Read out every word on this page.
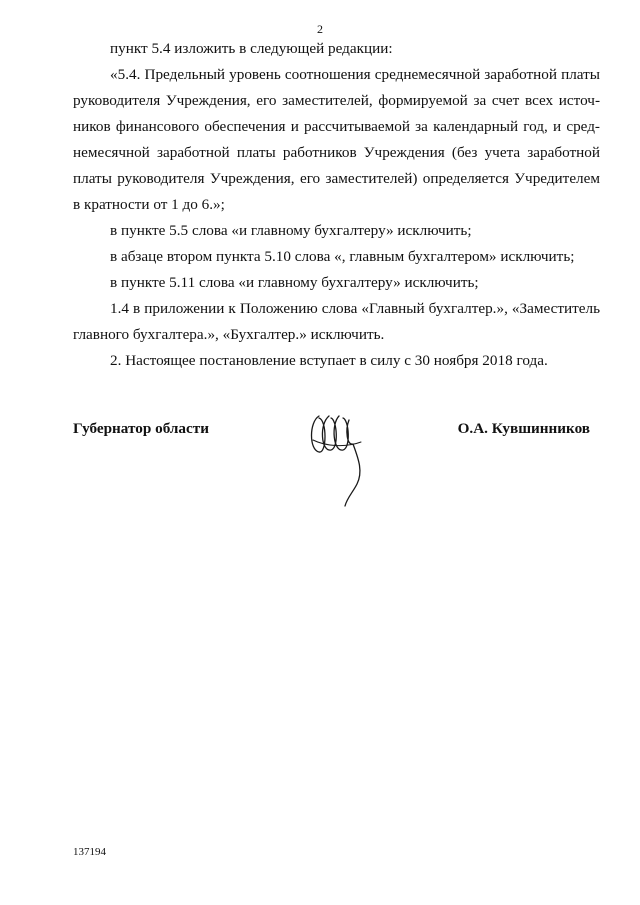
2

пункт 5.4 изложить в следующей редакции:

«5.4. Предельный уровень соотношения среднемесячной заработной платы
руководителя Учреждения, его заместителей, формируемой за счет всех источ-
ников финансового обеспечения и рассчитываемой за календарный год, и сред-
немесячной заработной платы работников Учреждения (без учета заработной
платы руководителя Учреждения, его заместителей) определяется Учредителем
в кратности от 1 до 6.»;

в пункте 5.5 слова «и главному бухгалтеру» исключить;

в абзаце втором пункта 5.10 слова «, главным бухгалтером» исключить;

в пункте 5.11 слова «и главному бухгалтеру» исключить;

1.4 в приложении к Положению слова «Главный бухгалтер.», «Заместитель
главного бухгалтера.», «Бухгалтер.» исключить.

2. Настоящее постановление вступает в силу с 30 ноября 2018 года.

Губернатор области	О.А. Кувшинников
137194
